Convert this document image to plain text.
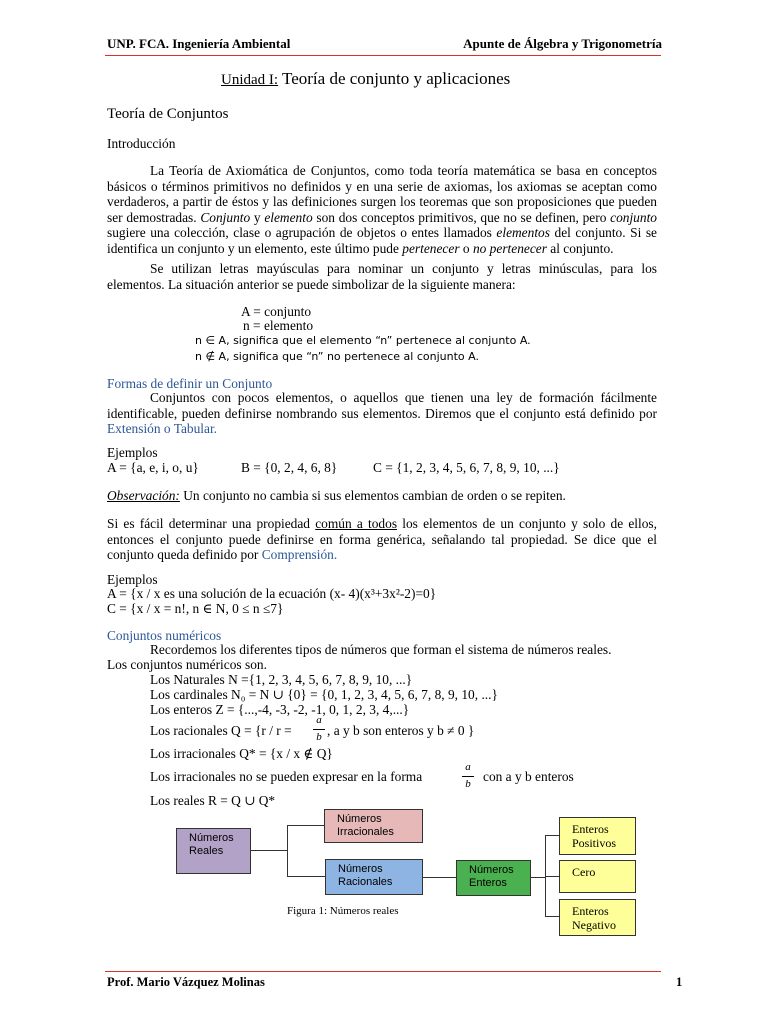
UNP. FCA. Ingeniería Ambiental	Apunte de Álgebra y Trigonometría
Unidad I: Teoría de conjunto y aplicaciones
Teoría de Conjuntos
Introducción
La Teoría de Axiomática de Conjuntos, como toda teoría matemática se basa en conceptos básicos o términos primitivos no definidos y en una serie de axiomas, los axiomas se aceptan como verdaderos, a partir de éstos y las definiciones surgen los teoremas que son proposiciones que pueden ser demostradas. Conjunto y elemento son dos conceptos primitivos, que no se definen, pero conjunto sugiere una colección, clase o agrupación de objetos o entes llamados elementos del conjunto. Si se identifica un conjunto y un elemento, este último pude pertenecer o no pertenecer al conjunto.
Se utilizan letras mayúsculas para nominar un conjunto y letras minúsculas, para los elementos. La situación anterior se puede simbolizar de la siguiente manera:
A = conjunto
n = elemento
n ∈ A, significa que el elemento “n” pertenece al conjunto A.
n ∉ A, significa que “n” no pertenece al conjunto A.
Formas de definir un Conjunto
Conjuntos con pocos elementos, o aquellos que tienen una ley de formación fácilmente identificable, pueden definirse nombrando sus elementos. Diremos que el conjunto está definido por Extensión o Tabular.
Ejemplos
A = {a, e, i, o, u}	B = {0, 2, 4, 6, 8}	C = {1, 2, 3, 4, 5, 6, 7, 8, 9, 10, ...}
Observación: Un conjunto no cambia si sus elementos cambian de orden o se repiten.
Si es fácil determinar una propiedad común a todos los elementos de un conjunto y solo de ellos, entonces el conjunto puede definirse en forma genérica, señalando tal propiedad. Se dice que el conjunto queda definido por Comprensión.
Ejemplos
A = {x / x es una solución de la ecuación (x- 4)(x³+3x²-2)=0}
C = {x / x = n!, n ∈ N, 0 ≤ n ≤7}
Conjuntos numéricos
Recordemos los diferentes tipos de números que forman el sistema de números reales.
Los conjuntos numéricos son.
Los Naturales N ={1, 2, 3, 4, 5, 6, 7, 8, 9, 10, ...}
Los cardinales N₀ = N ∪ {0} = {0, 1, 2, 3, 4, 5, 6, 7, 8, 9, 10, ...}
Los enteros Z = {...,-4, -3, -2, -1, 0, 1, 2, 3, 4,...}
Los racionales Q = {r / r =
a
b , a y b son enteros y b ≠ 0 }
Los irracionales Q* = {x / x ∉ Q}
Los irracionales no se pueden expresar en la forma
a
b con a y b enteros
Los reales R = Q ∪ Q*
Números Reales
Números Irracionales
Números Racionales
Números Enteros
Enteros Positivos
Cero
Enteros Negativo
Figura 1: Números reales
Prof. Mario Vázquez Molinas	1
